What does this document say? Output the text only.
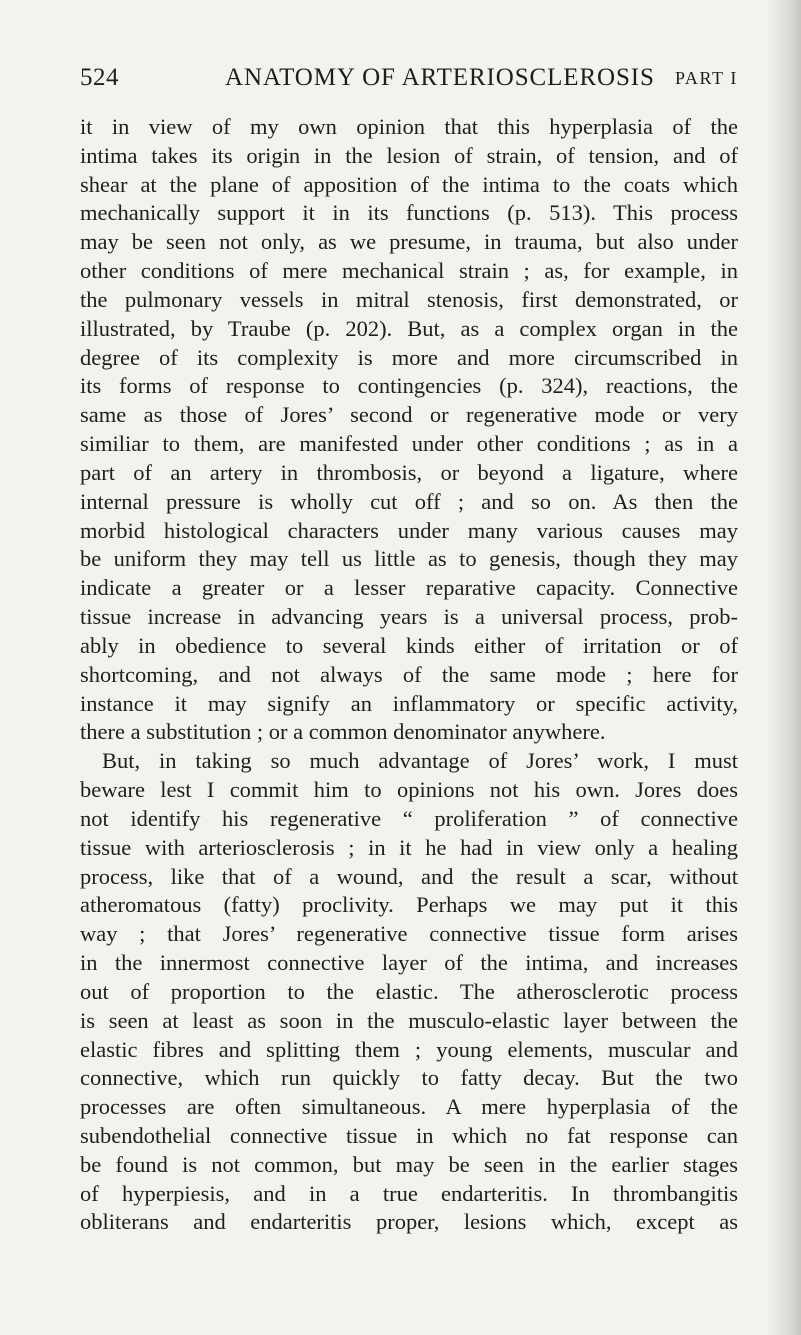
524	ANATOMY OF ARTERIOSCLEROSIS PART I
it in view of my own opinion that this hyperplasia of the
intima takes its origin in the lesion of strain, of tension, and of
shear at the plane of apposition of the intima to the coats which
mechanically support it in its functions (p. 513). This process
may be seen not only, as we presume, in trauma, but also under
other conditions of mere mechanical strain ; as, for example, in
the pulmonary vessels in mitral stenosis, first demonstrated, or
illustrated, by Traube (p. 202). But, as a complex organ in the
degree of its complexity is more and more circumscribed in
its forms of response to contingencies (p. 324), reactions, the
same as those of Jores’ second or regenerative mode or very
similiar to them, are manifested under other conditions ; as in a
part of an artery in thrombosis, or beyond a ligature, where
internal pressure is wholly cut off ; and so on. As then the
morbid histological characters under many various causes may
be uniform they may tell us little as to genesis, though they may
indicate a greater or a lesser reparative capacity. Connective
tissue increase in advancing years is a universal process, prob-
ably in obedience to several kinds either of irritation or of
shortcoming, and not always of the same mode ; here for
instance it may signify an inflammatory or specific activity,
there a substitution ; or a common denominator anywhere.
But, in taking so much advantage of Jores’ work, I must
beware lest I commit him to opinions not his own. Jores does
not identify his regenerative “ proliferation ” of connective
tissue with arteriosclerosis ; in it he had in view only a healing
process, like that of a wound, and the result a scar, without
atheromatous (fatty) proclivity. Perhaps we may put it this
way ; that Jores’ regenerative connective tissue form arises
in the innermost connective layer of the intima, and increases
out of proportion to the elastic. The atherosclerotic process
is seen at least as soon in the musculo-elastic layer between the
elastic fibres and splitting them ; young elements, muscular and
connective, which run quickly to fatty decay. But the two
processes are often simultaneous. A mere hyperplasia of the
subendothelial connective tissue in which no fat response can
be found is not common, but may be seen in the earlier stages
of hyperpiesis, and in a true endarteritis. In thrombangitis
obliterans and endarteritis proper, lesions which, except as
